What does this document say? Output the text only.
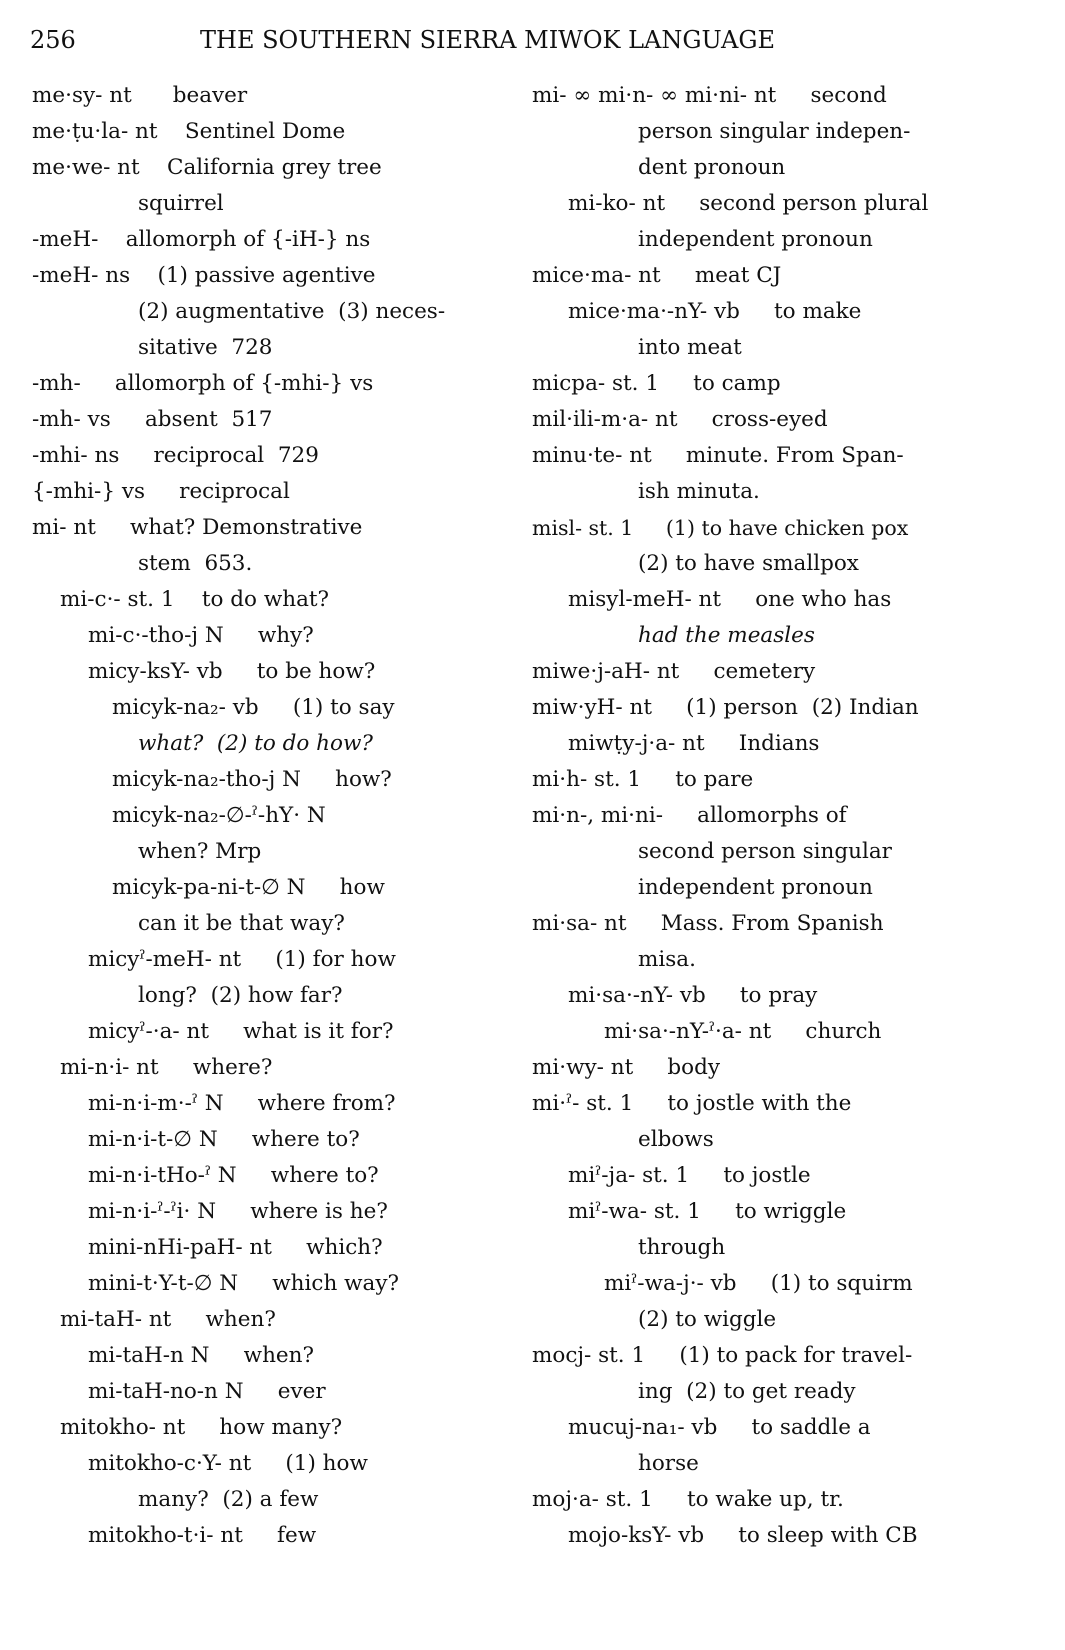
256	THE SOUTHERN SIERRA MIWOK LANGUAGE
me·sy- nt      beaver
me·ṭu·la- nt    Sentinel Dome
me·we- nt    California grey tree
squirrel
-meH-    allomorph of {-iH-} ns
-meH- ns    (1) passive agentive
(2) augmentative  (3) neces-
sitative  728
-mh-     allomorph of {-mhi-} vs
-mh- vs     absent  517
-mhi- ns     reciprocal  729
{-mhi-} vs     reciprocal
mi- nt     what? Demonstrative
stem  653.
mi-c·- st. 1    to do what?
mi-c·-tho-j N     why?
micy-ksY- vb     to be how?
micyk-na₂- vb     (1) to say
what?  (2) to do how?
micyk-na₂-tho-j N     how?
micyk-na₂-∅-ˀ-hY· N
when? Mrp
micyk-pa-ni-t-∅ N     how
can it be that way?
micyˀ-meH- nt     (1) for how
long?  (2) how far?
micyˀ-·a- nt     what is it for?
mi-n·i- nt     where?
mi-n·i-m·-ˀ N     where from?
mi-n·i-t-∅ N     where to?
mi-n·i-tHo-ˀ N     where to?
mi-n·i-ˀ-ˀi· N     where is he?
mini-nHi-paH- nt     which?
mini-t·Y-t-∅ N     which way?
mi-taH- nt     when?
mi-taH-n N     when?
mi-taH-no-n N     ever
mitokho- nt     how many?
mitokho-c·Y- nt     (1) how
many?  (2) a few
mitokho-t·i- nt     few
mi- ∞ mi·n- ∞ mi·ni- nt     second
person singular indepen-
dent pronoun
mi-ko- nt     second person plural
independent pronoun
mice·ma- nt     meat CJ
mice·ma·-nY- vb     to make
into meat
micpa- st. 1     to camp
mil·ili-m·a- nt     cross-eyed
minu·te- nt     minute. From Span-
ish minuta.
misl- st. 1     (1) to have chicken pox
(2) to have smallpox
misyl-meH- nt     one who has
had the measles
miwe·j-aH- nt     cemetery
miw·yH- nt     (1) person  (2) Indian
miwṭy-j·a- nt     Indians
mi·h- st. 1     to pare
mi·n-, mi·ni-     allomorphs of
second person singular
independent pronoun
mi·sa- nt     Mass. From Spanish
misa.
mi·sa·-nY- vb     to pray
mi·sa·-nY-ˀ·a- nt     church
mi·wy- nt     body
mi·ˀ- st. 1     to jostle with the
elbows
miˀ-ja- st. 1     to jostle
miˀ-wa- st. 1     to wriggle
through
miˀ-wa-j·- vb     (1) to squirm
(2) to wiggle
mocj- st. 1     (1) to pack for travel-
ing  (2) to get ready
mucuj-na₁- vb     to saddle a
horse
moj·a- st. 1     to wake up, tr.
mojo-ksY- vb     to sleep with CB
